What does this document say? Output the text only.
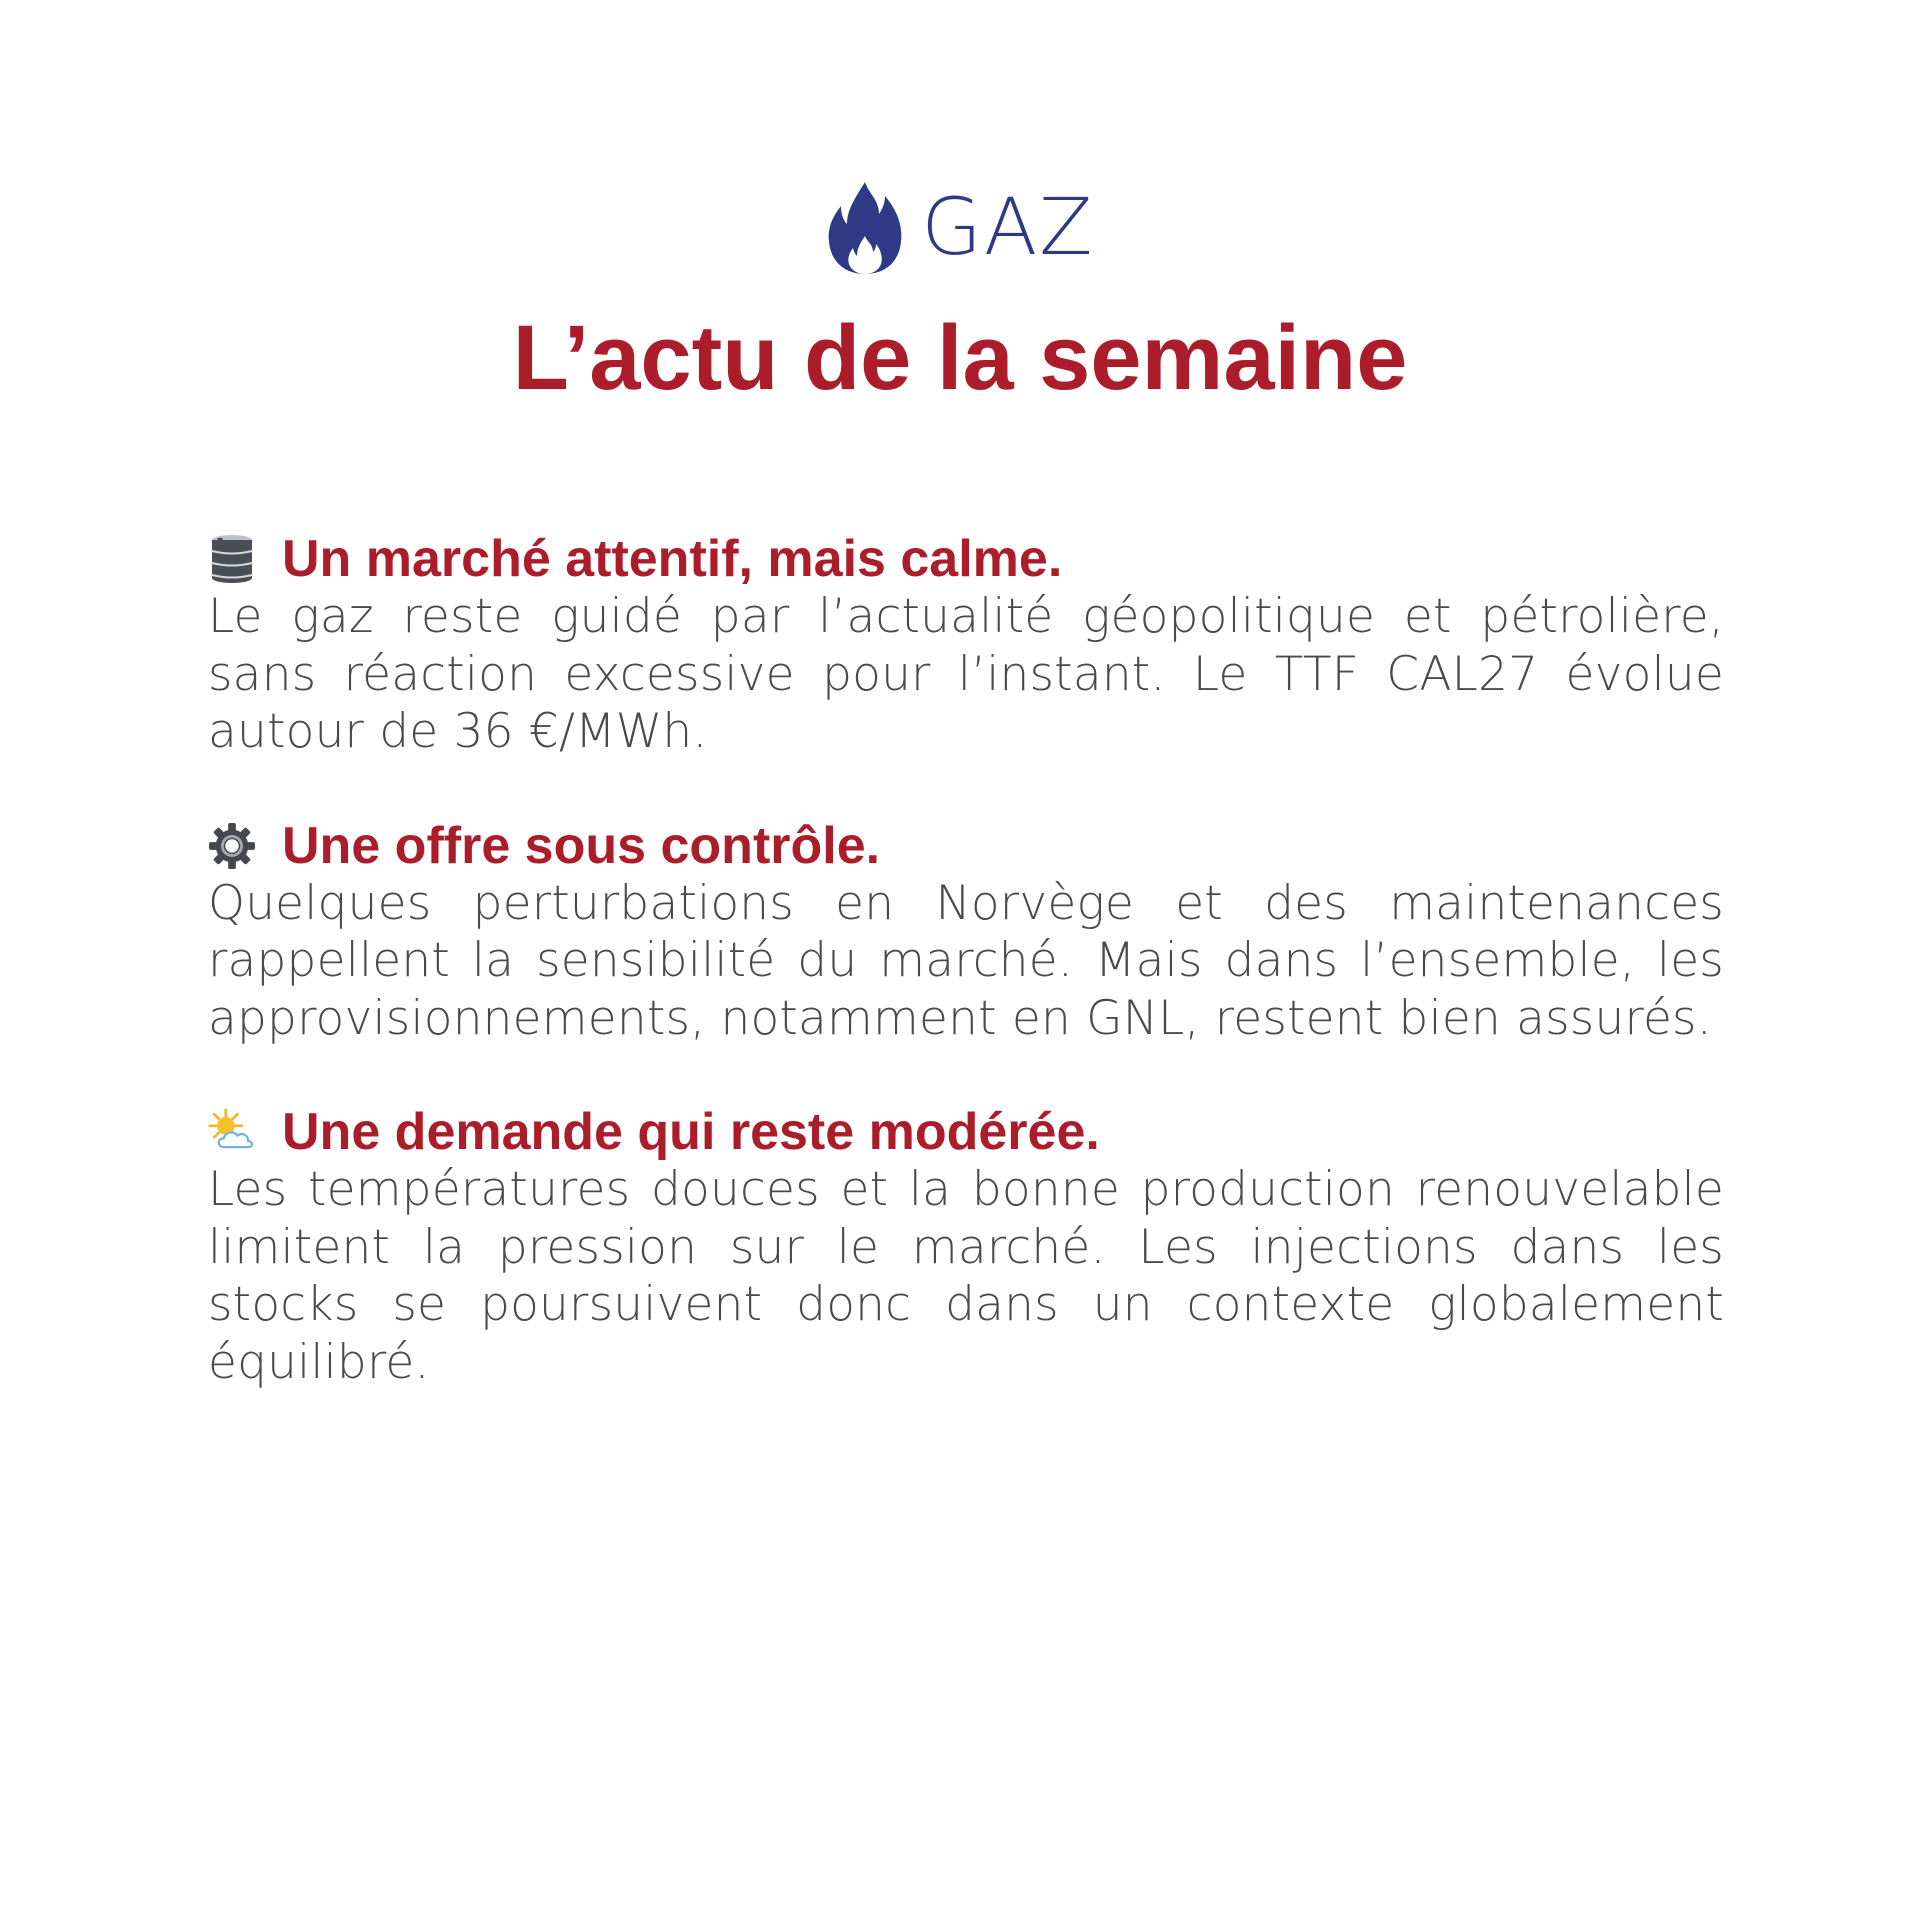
GAZ
L’actu de la semaine
Un marché attentif, mais calme.

Le gaz reste guidé par l’actualité géopolitique et pétrolière, sans réaction excessive pour l’instant. Le TTF CAL27 évolue autour de 36 €/MWh.

Une offre sous contrôle.

Quelques perturbations en Norvège et des maintenances rappellent la sensibilité du marché. Mais dans l’ensemble, les approvisionnements, notamment en GNL, restent bien assurés.

Une demande qui reste modérée.

Les températures douces et la bonne production renouvelable limitent la pression sur le marché. Les injections dans les stocks se poursuivent donc dans un contexte globalement équilibré.
